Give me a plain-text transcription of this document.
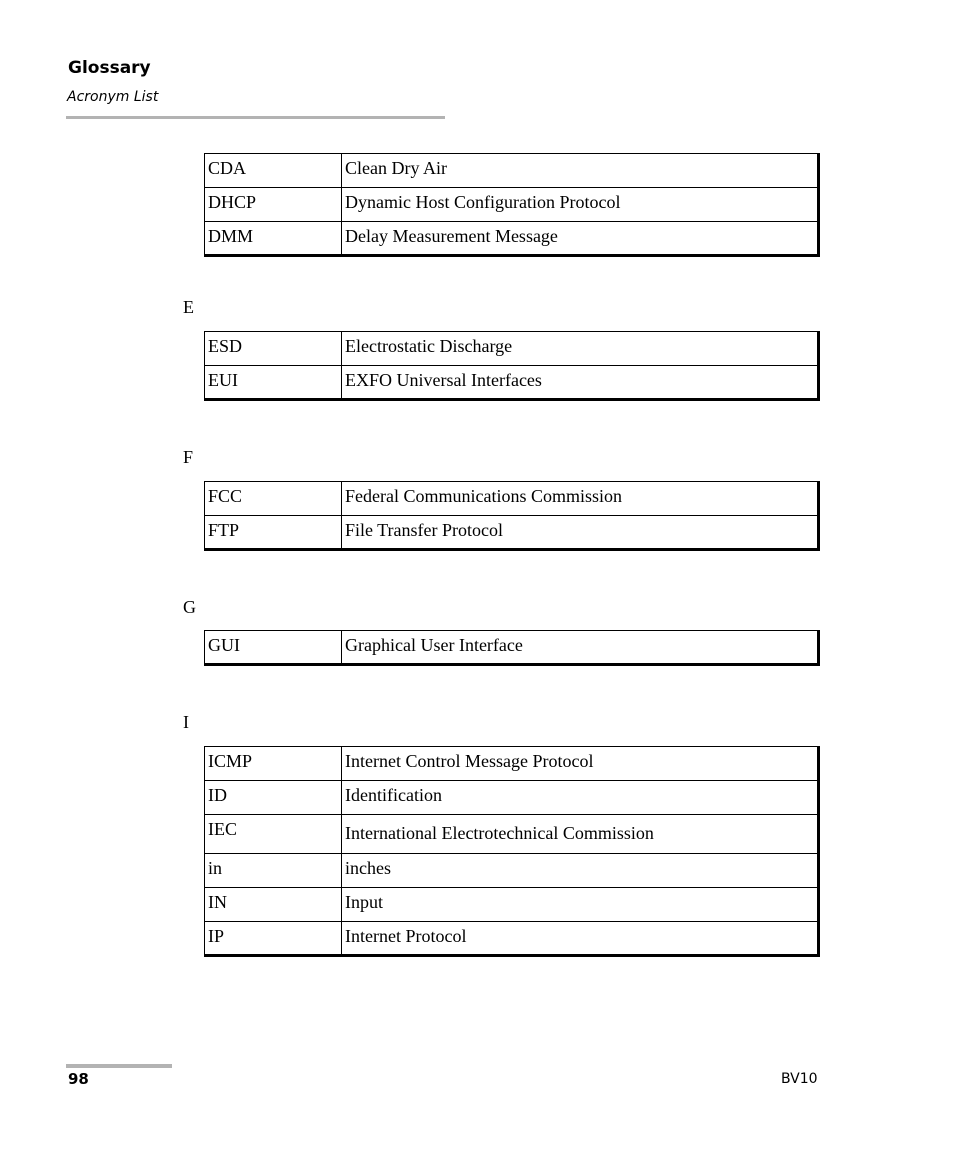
Glossary
Acronym List
CDA	Clean Dry Air
DHCP	Dynamic Host Configuration Protocol
DMM	Delay Measurement Message
E
ESD	Electrostatic Discharge
EUI	EXFO Universal Interfaces
F
FCC	Federal Communications Commission
FTP	File Transfer Protocol
G
GUI	Graphical User Interface
I
ICMP	Internet Control Message Protocol
ID	Identification
IEC	International Electrotechnical Commission
in	inches
IN	Input
IP	Internet Protocol
98	BV10
